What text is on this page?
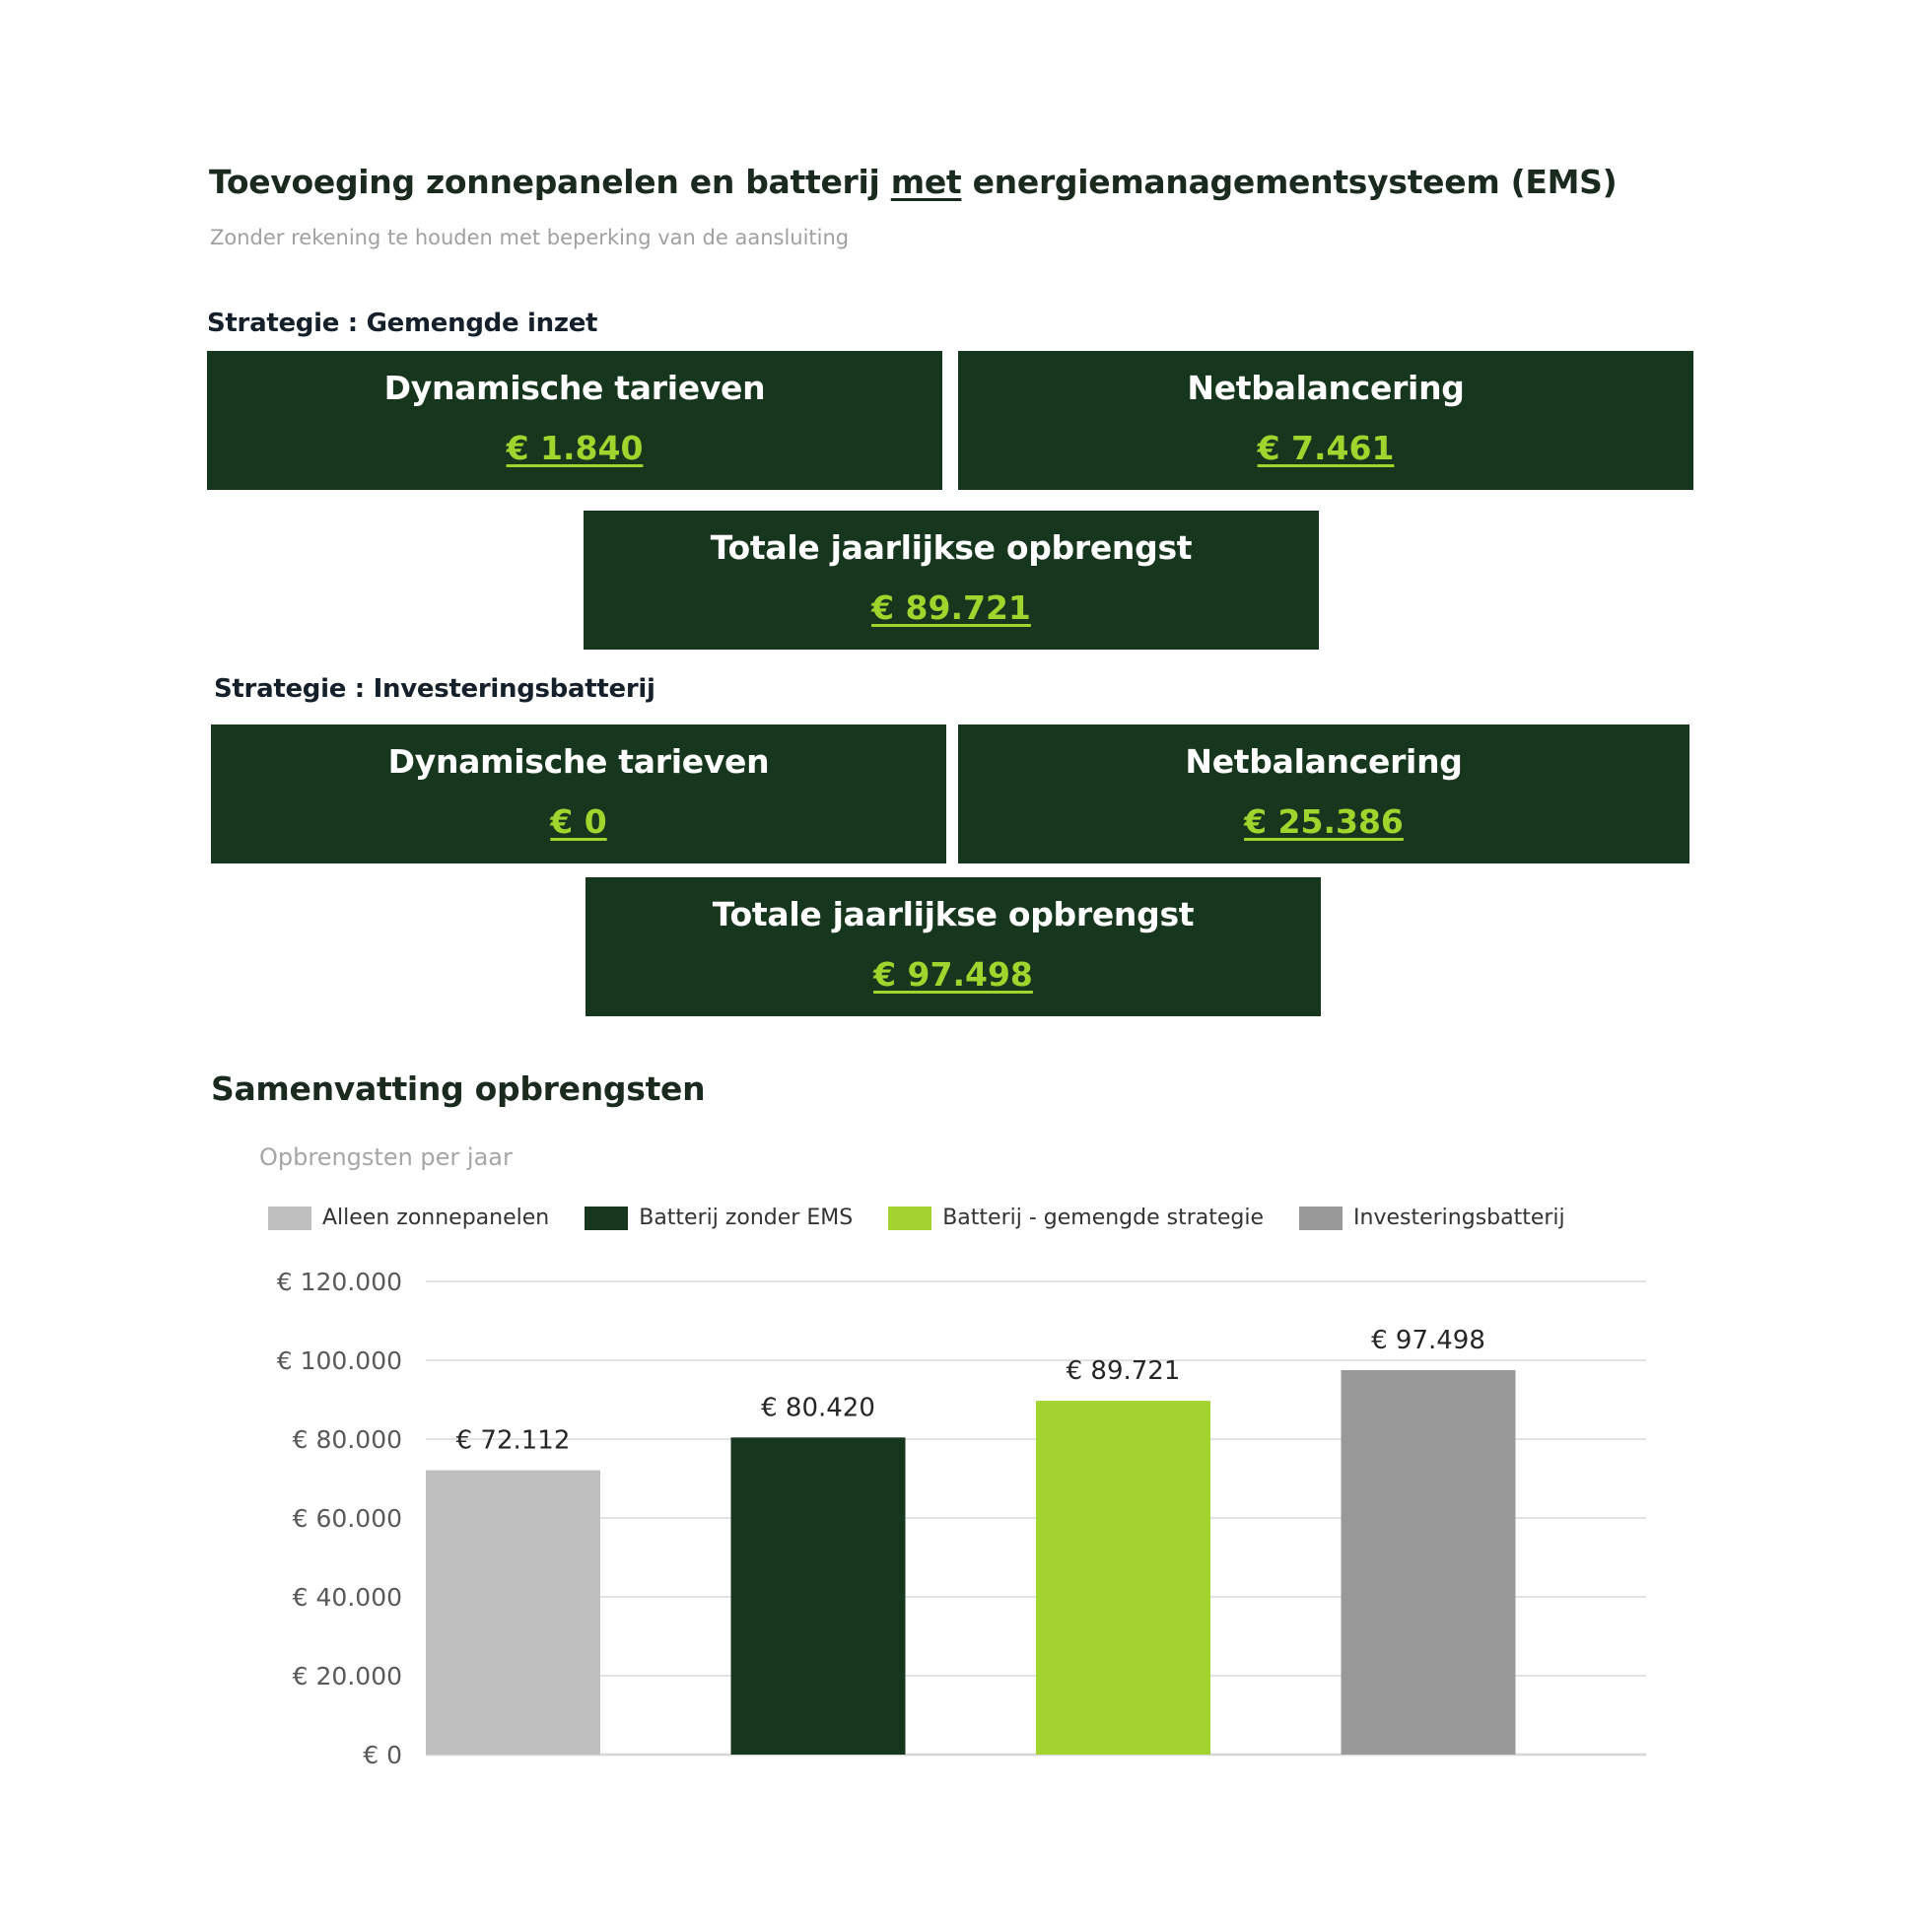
Toevoeging zonnepanelen en batterij met energiemanagementsysteem (EMS)
Zonder rekening te houden met beperking van de aansluiting
Strategie : Gemengde inzet
Dynamische tarieven
€ 1.840
Netbalancering
€ 7.461
Totale jaarlijkse opbrengst
€ 89.721
Strategie : Investeringsbatterij
Dynamische tarieven
€ 0
Netbalancering
€ 25.386
Totale jaarlijkse opbrengst
€ 97.498
Samenvatting opbrengsten
Opbrengsten per jaar
Alleen zonnepanelen	Batterij zonder EMS	Batterij - gemengde strategie	Investeringsbatterij
€ 0
€ 20.000
€ 40.000
€ 60.000
€ 80.000
€ 100.000
€ 120.000
€ 72.112
€ 80.420
€ 89.721
€ 97.498
